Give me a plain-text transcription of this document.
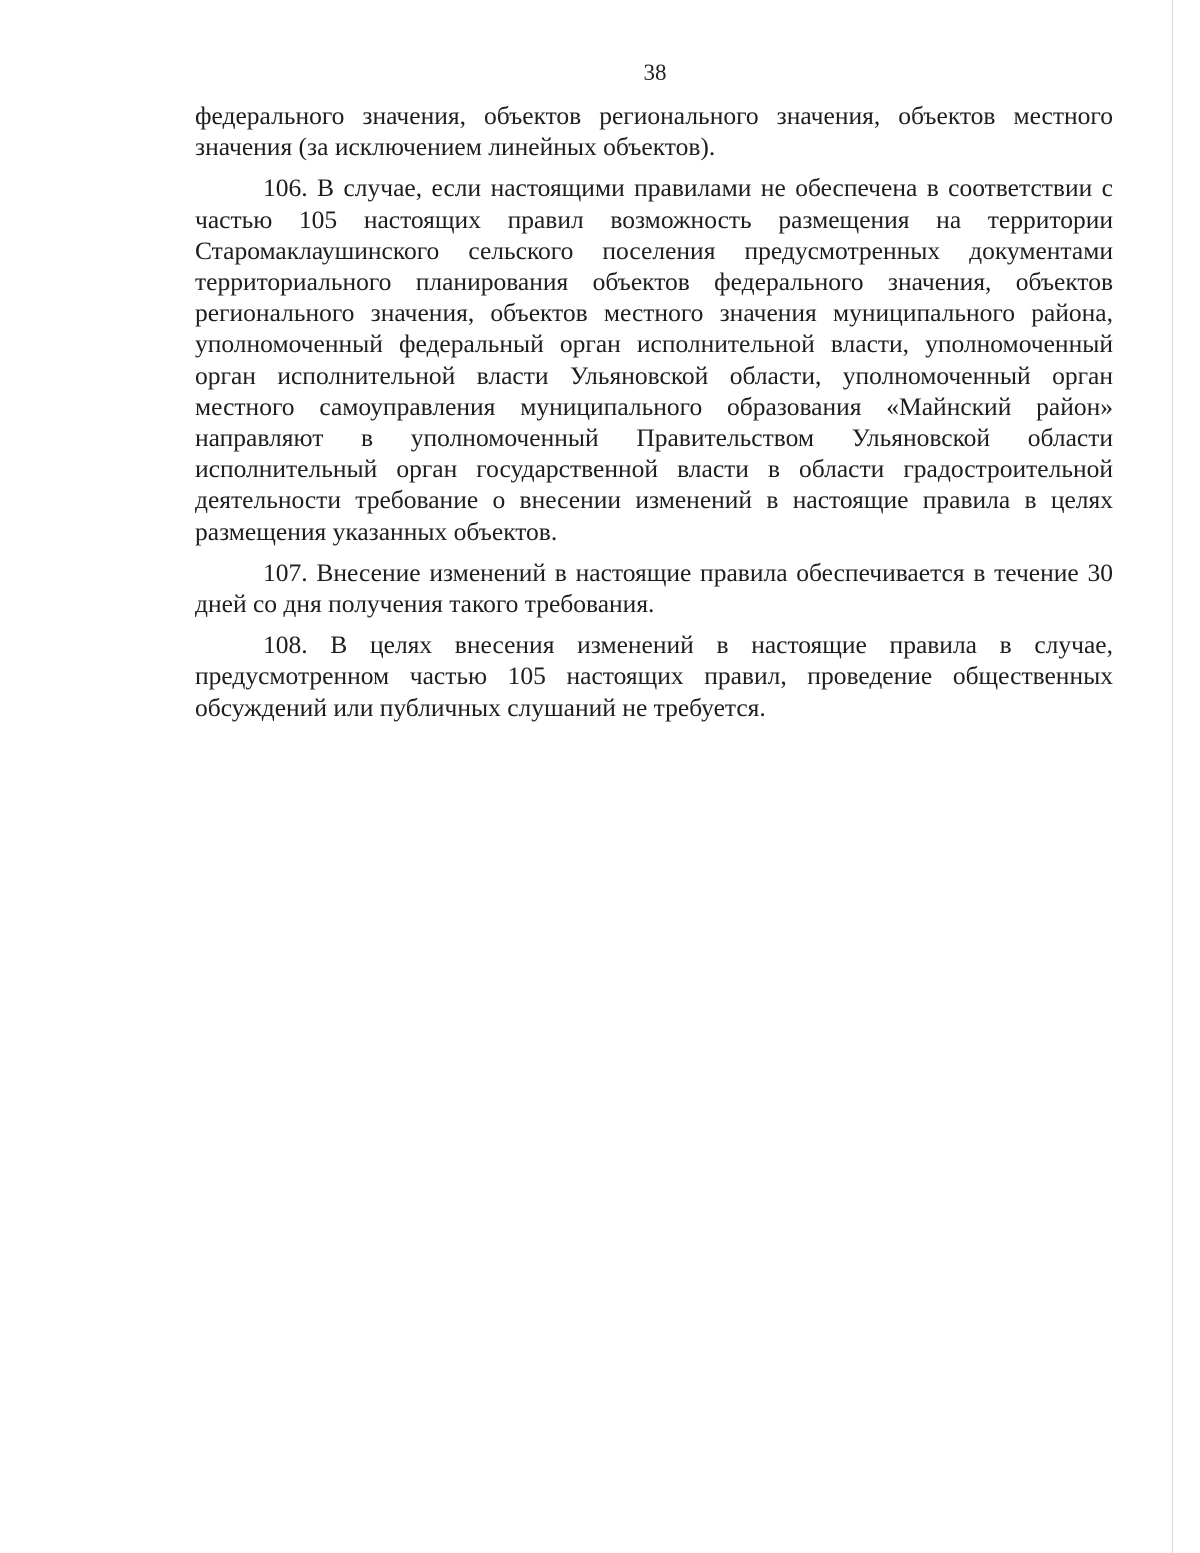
38

федерального значения, объектов регионального значения, объектов местного значения (за исключением линейных объектов).

106. В случае, если настоящими правилами не обеспечена в соответствии с частью 105 настоящих правил возможность размещения на территории Старомаклаушинского сельского поселения предусмотренных документами территориального планирования объектов федерального значения, объектов регионального значения, объектов местного значения муниципального района, уполномоченный федеральный орган исполнительной власти, уполномоченный орган исполнительной власти Ульяновской области, уполномоченный орган местного самоуправления муниципального образования «Майнский район» направляют в уполномоченный Правительством Ульяновской области исполнительный орган государственной власти в области градостроительной деятельности требование о внесении изменений в настоящие правила в целях размещения указанных объектов.

107. Внесение изменений в настоящие правила обеспечивается в течение 30 дней со дня получения такого требования.

108. В целях внесения изменений в настоящие правила в случае, предусмотренном частью 105 настоящих правил, проведение общественных обсуждений или публичных слушаний не требуется.
